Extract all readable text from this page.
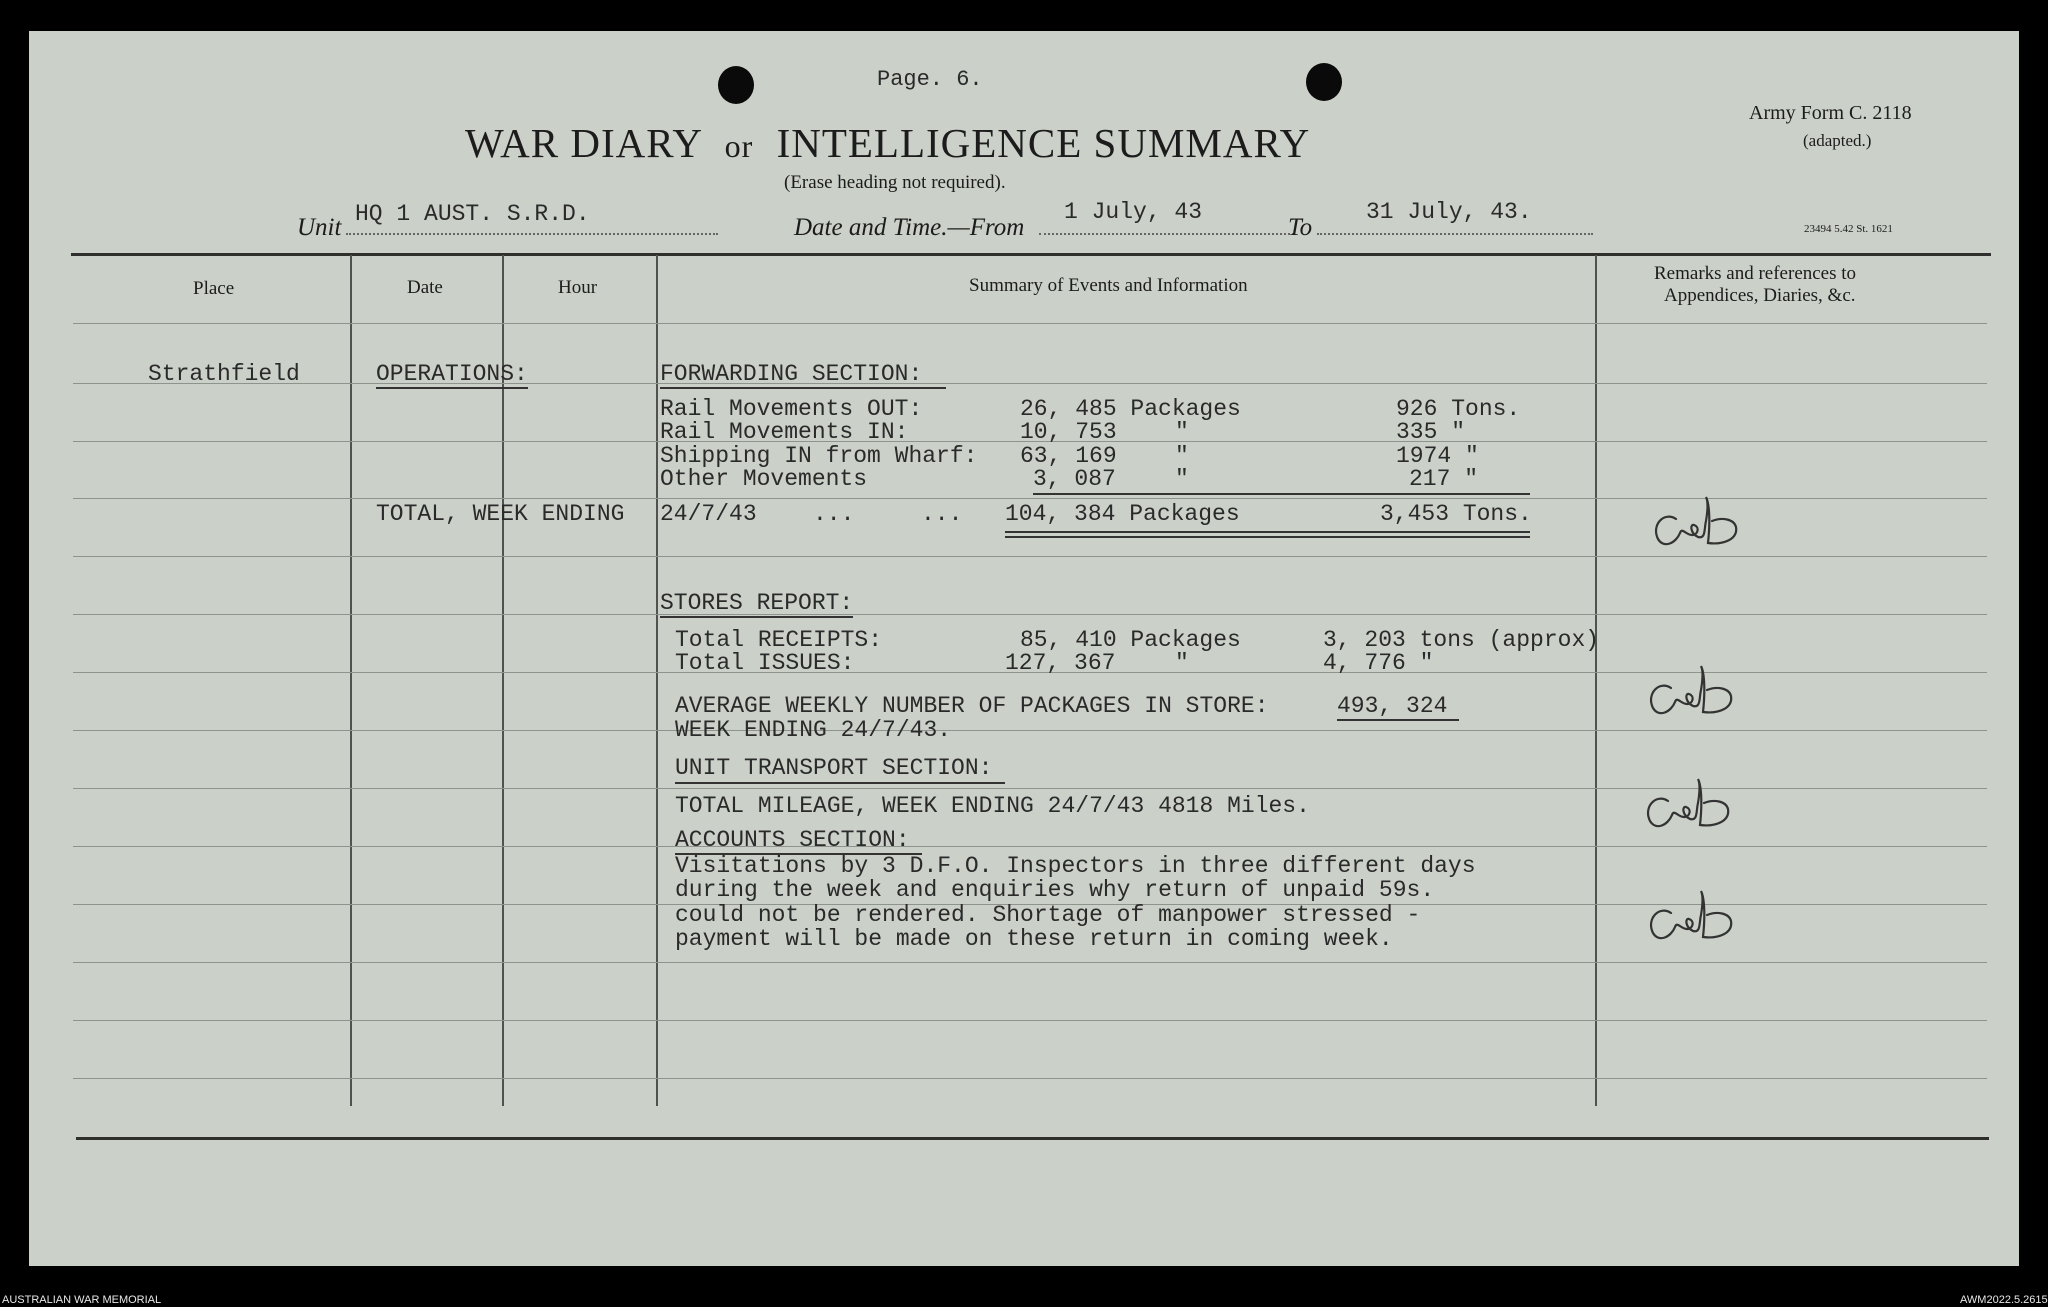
Page. 6.
WAR DIARY or INTELLIGENCE SUMMARY
(Erase heading not required).
Army Form C. 2118
(adapted.)
23494 5.42 St. 1621
Unit HQ 1 AUST. S.R.D.	Date and Time.—From
1 July, 43
To
31 July, 43.
Place	Date	Hour	Summary of Events and Information
Remarks and references to
Appendices, Diaries, &c.
Strathfield	OPERATIONS:	FORWARDING SECTION:
Rail Movements OUT:	26, 485 Packages	926 Tons.
Rail Movements IN:	10, 753	"	335 "
Shipping IN from Wharf: 63, 169	"	1974 "
Other Movements	3, 087	"	217 "
TOTAL, WEEK ENDING 24/7/43 ...	... 104, 384 Packages	3,453 Tons.
STORES REPORT:
Total RECEIPTS:	85, 410 Packages	3, 203 tons (approx)
Total ISSUES:	127, 367	"	4, 776 "
AVERAGE WEEKLY NUMBER OF PACKAGES IN STORE:	493, 324
WEEK ENDING 24/7/43.
UNIT TRANSPORT SECTION:
TOTAL MILEAGE, WEEK ENDING 24/7/43 4818 Miles.
ACCOUNTS SECTION:
Visitations by 3 D.F.O. Inspectors in three different days
during the week and enquiries why return of unpaid 59s.
could not be rendered. Shortage of manpower stressed -
payment will be made on these return in coming week.
AUSTRALIAN WAR MEMORIAL	AWM2022.5.2615
